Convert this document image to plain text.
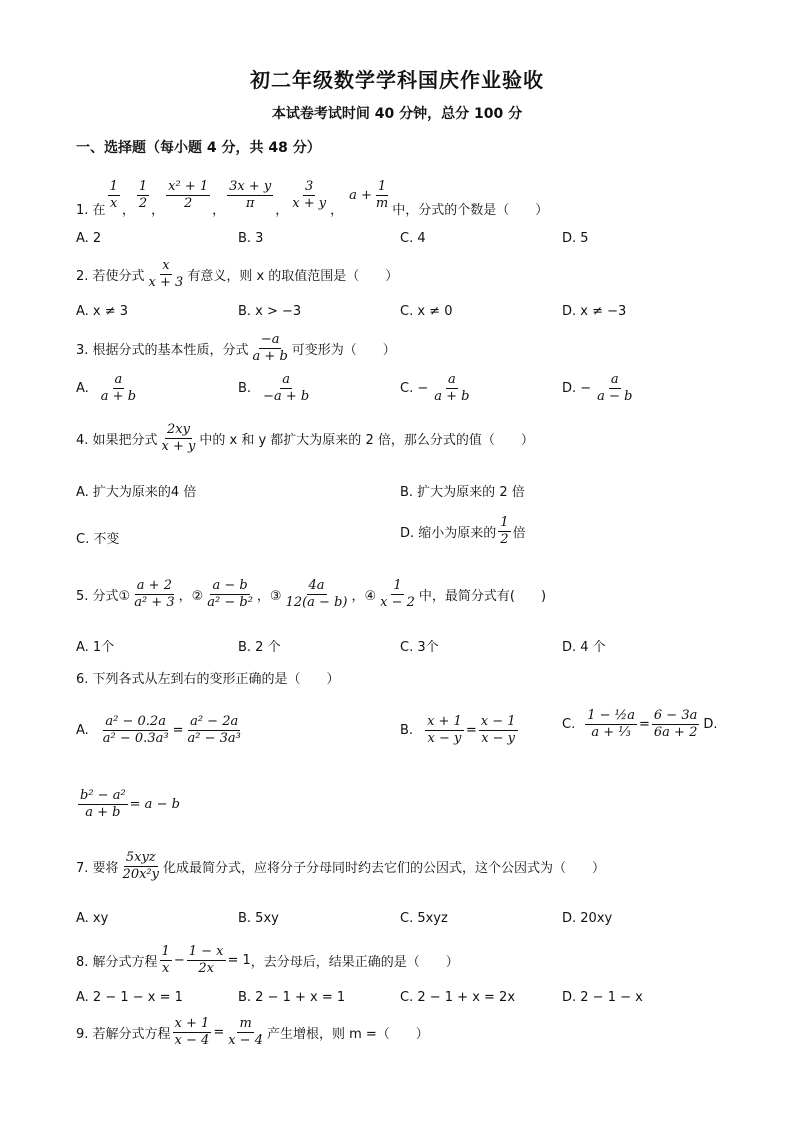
初二年级数学学科国庆作业验收
本试卷考试时间 40 分钟，总分 100 分
一、选择题（每小题 4 分，共 48 分）
1. 在 $\frac{1}{x}$ ， $\frac{1}{2}$ ， $\frac{\text{x² + 1}}{2}$ ， $\frac{3x + y}{\pi}$ ， $\frac{3}{x + y}$ ，
$a + \frac{1}{m}$ 中，分式的个数是（　　）
A. 2	B. 3	C. 4	D. 5
2. 若使分式 $\frac{x}{x + 3}$ 有意义，则 x 的取值范围是（　　）
A. x ≠ 3	B. x > −3	C. x ≠ 0	D. x ≠ −3
3. 根据分式的基本性质，分式 $\frac{-a}{a + b}$ 可变形为（　　）
A. $\frac{a}{a + b}$	B. $\frac{a}{-a + b}$	C. − $\frac{a}{a + b}$	D. − $\frac{a}{a - b}$
4. 如果把分式 $\frac{2xy}{x + y}$ 中的 x 和 y 都扩大为原来的 2 倍，那么分式的值（　　）
A. 扩大为原来的4 倍	B. 扩大为原来的 2 倍
C. 不变	D. 缩小为原来的 $\frac{1}{2}$ 倍
5. 分式① $\frac{a + 2}{\text{a² + 3}}$ ，② $\frac{a - b}{\text{a² − b²}}$ ，③ $\frac{4a}{12(a - b)}$ ，④ $\frac{1}{x - 2}$ 中，最简分式有(　　)
A. 1个	B. 2 个	C. 3个	D. 4 个
6. 下列各式从左到右的变形正确的是（　　）
A. $\frac{\text{a² − 0.2a}}{\text{a² − 0.3a³}} = \frac{\text{a² − 2a}}{\text{a² − 3a³}}$	B. $\frac{x + 1}{x - y} = \frac{x - 1}{x - y}$	C. $\frac{\text{1 − ½a}}{\text{a + ⅓}} = \frac{6 - 3a}{6a + 2} D$.
$\frac{\text{b² − a²}}{a + b} = a - b$
7. 要将 $\frac{\text{5xyz}}{\text{20x²y}}$ 化成最简分式，应将分子分母同时约去它们的公因式，这个公因式为（　　）
A. xy	B. 5xy	C. 5xyz	D. 20xy
8. 解分式方程 $\frac{1}{x} - \frac{1 - x}{2x} = 1$ ，去分母后，结果正确的是（　　）
A. 2 − 1 − x = 1	B. 2 − 1 + x = 1	C. 2 − 1 + x = 2x	D. 2 − 1 − x
9. 若解分式方程 $\frac{x + 1}{x - 4} = \frac{m}{x - 4}$ 产生增根，则 m =（　　）
